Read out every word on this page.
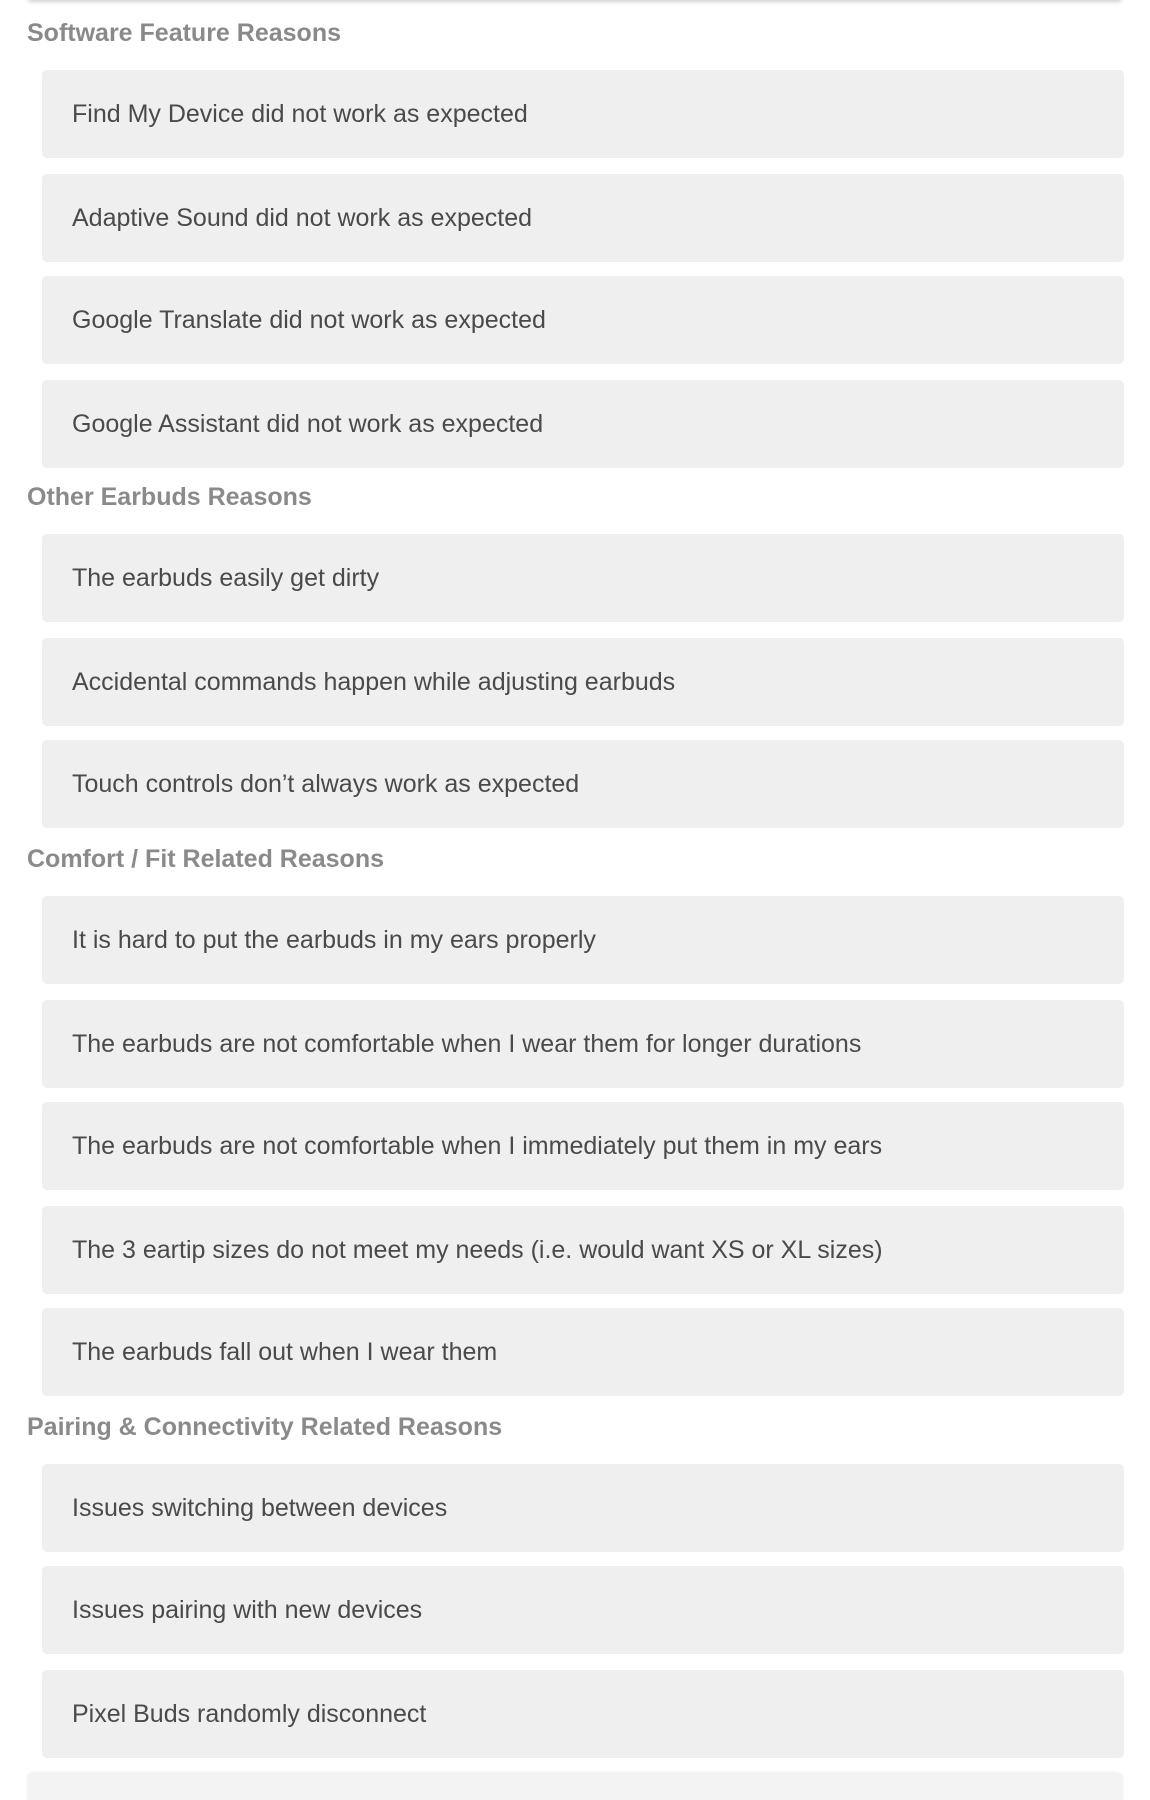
Software Feature Reasons
Find My Device did not work as expected
Adaptive Sound did not work as expected
Google Translate did not work as expected
Google Assistant did not work as expected
Other Earbuds Reasons
The earbuds easily get dirty
Accidental commands happen while adjusting earbuds
Touch controls don’t always work as expected
Comfort / Fit Related Reasons
It is hard to put the earbuds in my ears properly
The earbuds are not comfortable when I wear them for longer durations
The earbuds are not comfortable when I immediately put them in my ears
The 3 eartip sizes do not meet my needs (i.e. would want XS or XL sizes)
The earbuds fall out when I wear them
Pairing & Connectivity Related Reasons
Issues switching between devices
Issues pairing with new devices
Pixel Buds randomly disconnect
